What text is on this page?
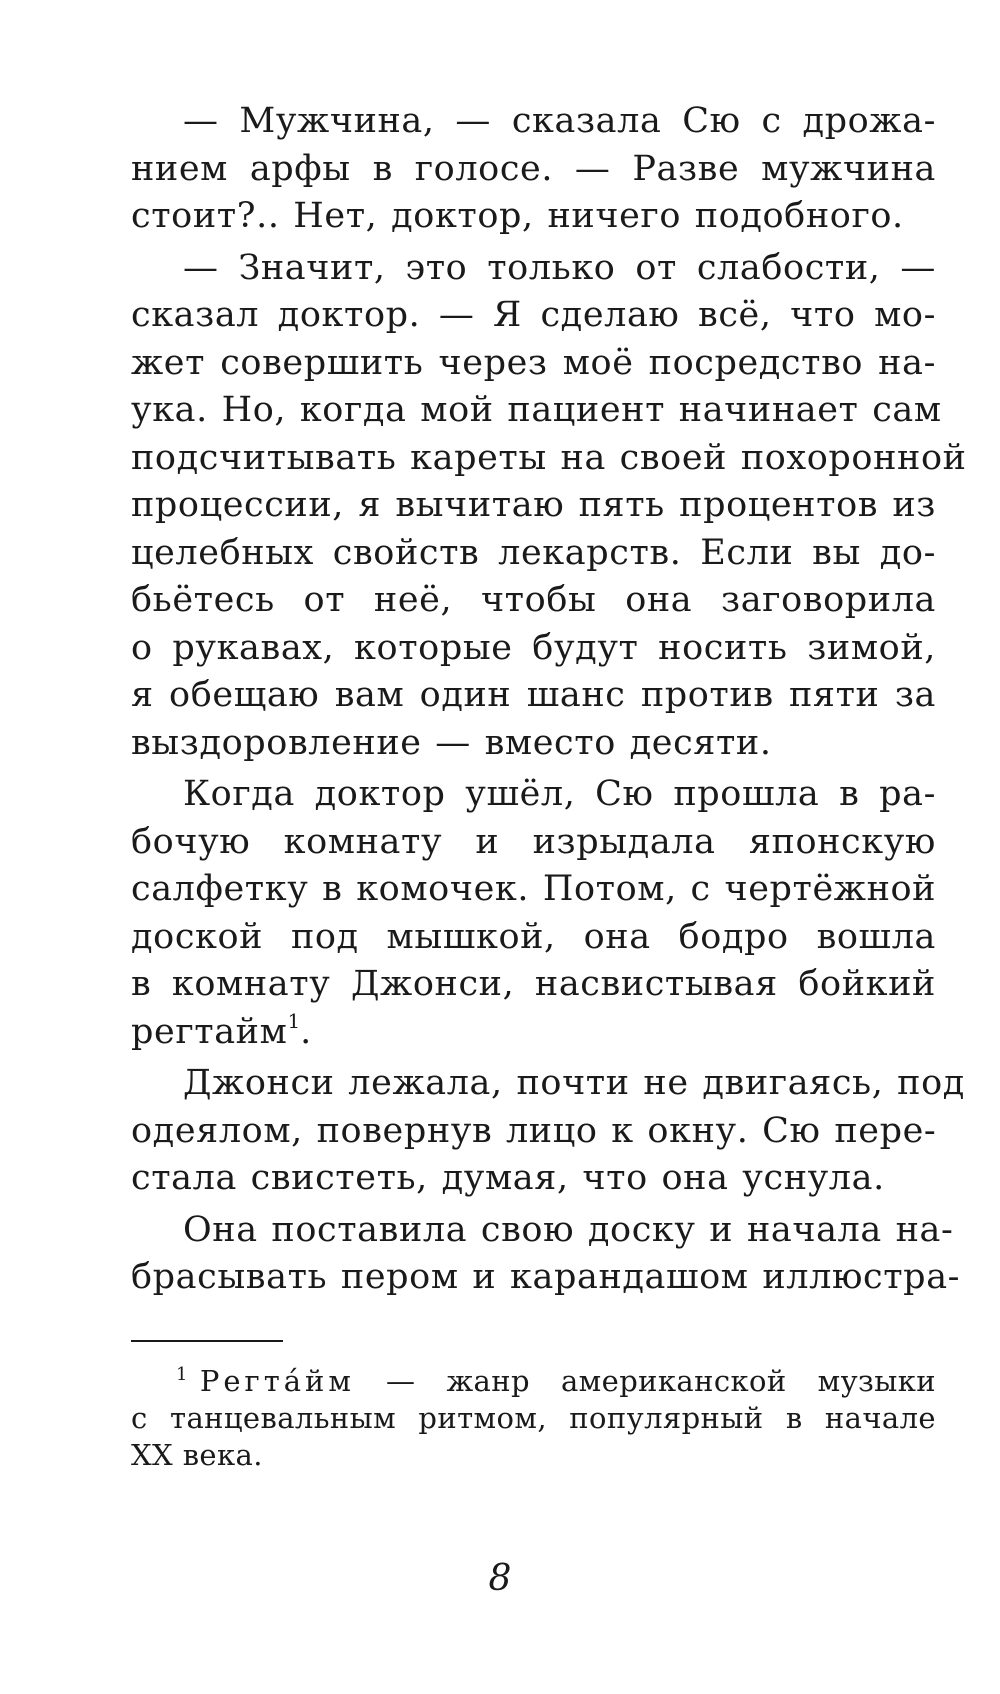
— Мужчина, — сказала Сю с дрожа-
нием арфы в голосе. — Разве мужчина
стоит?.. Нет, доктор, ничего подобного.

— Значит, это только от слабости, —
сказал доктор. — Я сделаю всё, что мо-
жет совершить через моё посредство на-
ука. Но, когда мой пациент начинает сам
подсчитывать кареты на своей похоронной
процессии, я вычитаю пять процентов из
целебных свойств лекарств. Если вы до-
бьётесь от неё, чтобы она заговорила
о рукавах, которые будут носить зимой,
я обещаю вам один шанс против пяти за
выздоровление — вместо десяти.

Когда доктор ушёл, Сю прошла в ра-
бочую комнату и изрыдала японскую
салфетку в комочек. Потом, с чертёжной
доской под мышкой, она бодро вошла
в комнату Джонси, насвистывая бойкий
регтайм$^1$.

Джонси лежала, почти не двигаясь, под
одеялом, повернув лицо к окну. Сю пере-
стала свистеть, думая, что она уснула.

Она поставила свою доску и начала на-
брасывать пером и карандашом иллюстра-

$^1$ Регта́йм — жанр американской музыки
с танцевальным ритмом, популярный в начале
XX века.
8
